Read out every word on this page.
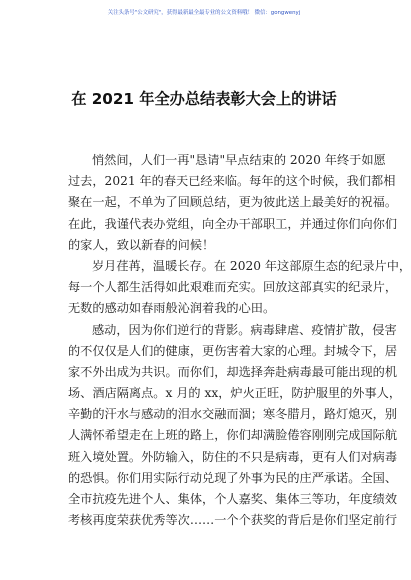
关注头条号"公文研究"，获得最新最全最专业的公文资料哦！ 微信：gongwenyj
在 2021 年全办总结表彰大会上的讲话
悄然间，人们一再"恳请"早点结束的 2020 年终于如愿
过去，2021 年的春天已经来临。每年的这个时候，我们都相
聚在一起，不单为了回顾总结，更为彼此送上最美好的祝福。
在此，我谨代表办党组，向全办干部职工，并通过你们向你们
的家人，致以新春的问候！
岁月荏苒，温暖长存。在 2020 年这部原生态的纪录片中，
每一个人都生活得如此艰难而充实。回放这部真实的纪录片，
无数的感动如春雨般沁润着我的心田。
感动，因为你们逆行的背影。病毒肆虐、疫情扩散，侵害
的不仅仅是人们的健康，更伤害着大家的心理。封城令下，居
家不外出成为共识。而你们，却选择奔赴病毒最可能出现的机
场、酒店隔离点。x 月的 xx，炉火正旺，防护服里的外事人，
辛勤的汗水与感动的泪水交融而涸；寒冬腊月，路灯熄灭，别
人满怀希望走在上班的路上，你们却满脸倦容刚刚完成国际航
班入境处置。外防输入，防住的不只是病毒，更有人们对病毒
的恐惧。你们用实际行动兑现了外事为民的庄严承诺。全国、
全市抗疫先进个人、集体，个人嘉奖、集体三等功，年度绩效
考核再度荣获优秀等次……一个个获奖的背后是你们坚定前行
